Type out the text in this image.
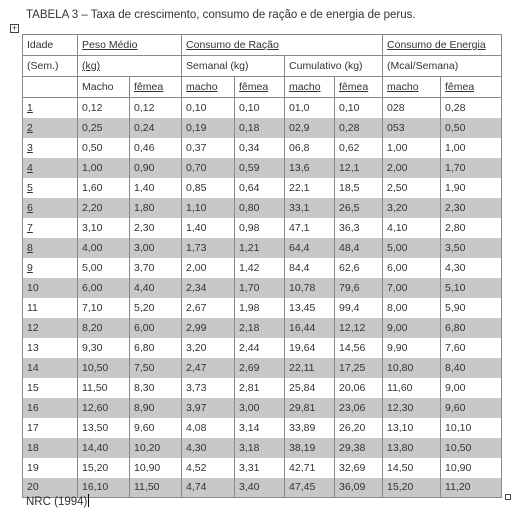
TABELA 3 – Taxa de crescimento, consumo de ração e de energia de perus.
+
Idade	Peso Médio		Consumo de Ração				Consumo de Energia	
(Sem.)	(kg)		Semanal (kg)		Cumulativo (kg)		(Mcal/Semana)	
	Macho	fêmea	macho	fêmea	macho	fêmea	macho	fêmea
1	0,12	0,12	0,10	0,10	01,0	0,10	028	0,28
2	0,25	0,24	0,19	0,18	02,9	0,28	053	0,50
3	0,50	0,46	0,37	0,34	06,8	0,62	1,00	1,00
4	1,00	0,90	0,70	0,59	13,6	12,1	2,00	1,70
5	1,60	1,40	0,85	0,64	22,1	18,5	2,50	1,90
6	2,20	1,80	1,10	0,80	33,1	26,5	3,20	2,30
7	3,10	2,30	1,40	0,98	47,1	36,3	4,10	2,80
8	4,00	3,00	1,73	1,21	64,4	48,4	5,00	3,50
9	5,00	3,70	2,00	1,42	84,4	62,6	6,00	4,30
10	6,00	4,40	2,34	1,70	10,78	79,6	7,00	5,10
11	7,10	5,20	2,67	1,98	13,45	99,4	8,00	5,90
12	8,20	6,00	2,99	2,18	16,44	12,12	9,00	6,80
13	9,30	6,80	3,20	2,44	19,64	14,56	9,90	7,60
14	10,50	7,50	2,47	2,69	22,11	17,25	10,80	8,40
15	11,50	8,30	3,73	2,81	25,84	20,06	11,60	9,00
16	12,60	8,90	3,97	3,00	29,81	23,06	12,30	9,60
17	13,50	9,60	4,08	3,14	33,89	26,20	13,10	10,10
18	14,40	10,20	4,30	3,18	38,19	29,38	13,80	10,50
19	15,20	10,90	4,52	3,31	42,71	32,69	14,50	10,90
20	16,10	11,50	4,74	3,40	47,45	36,09	15,20	11,20
NRC (1994)
